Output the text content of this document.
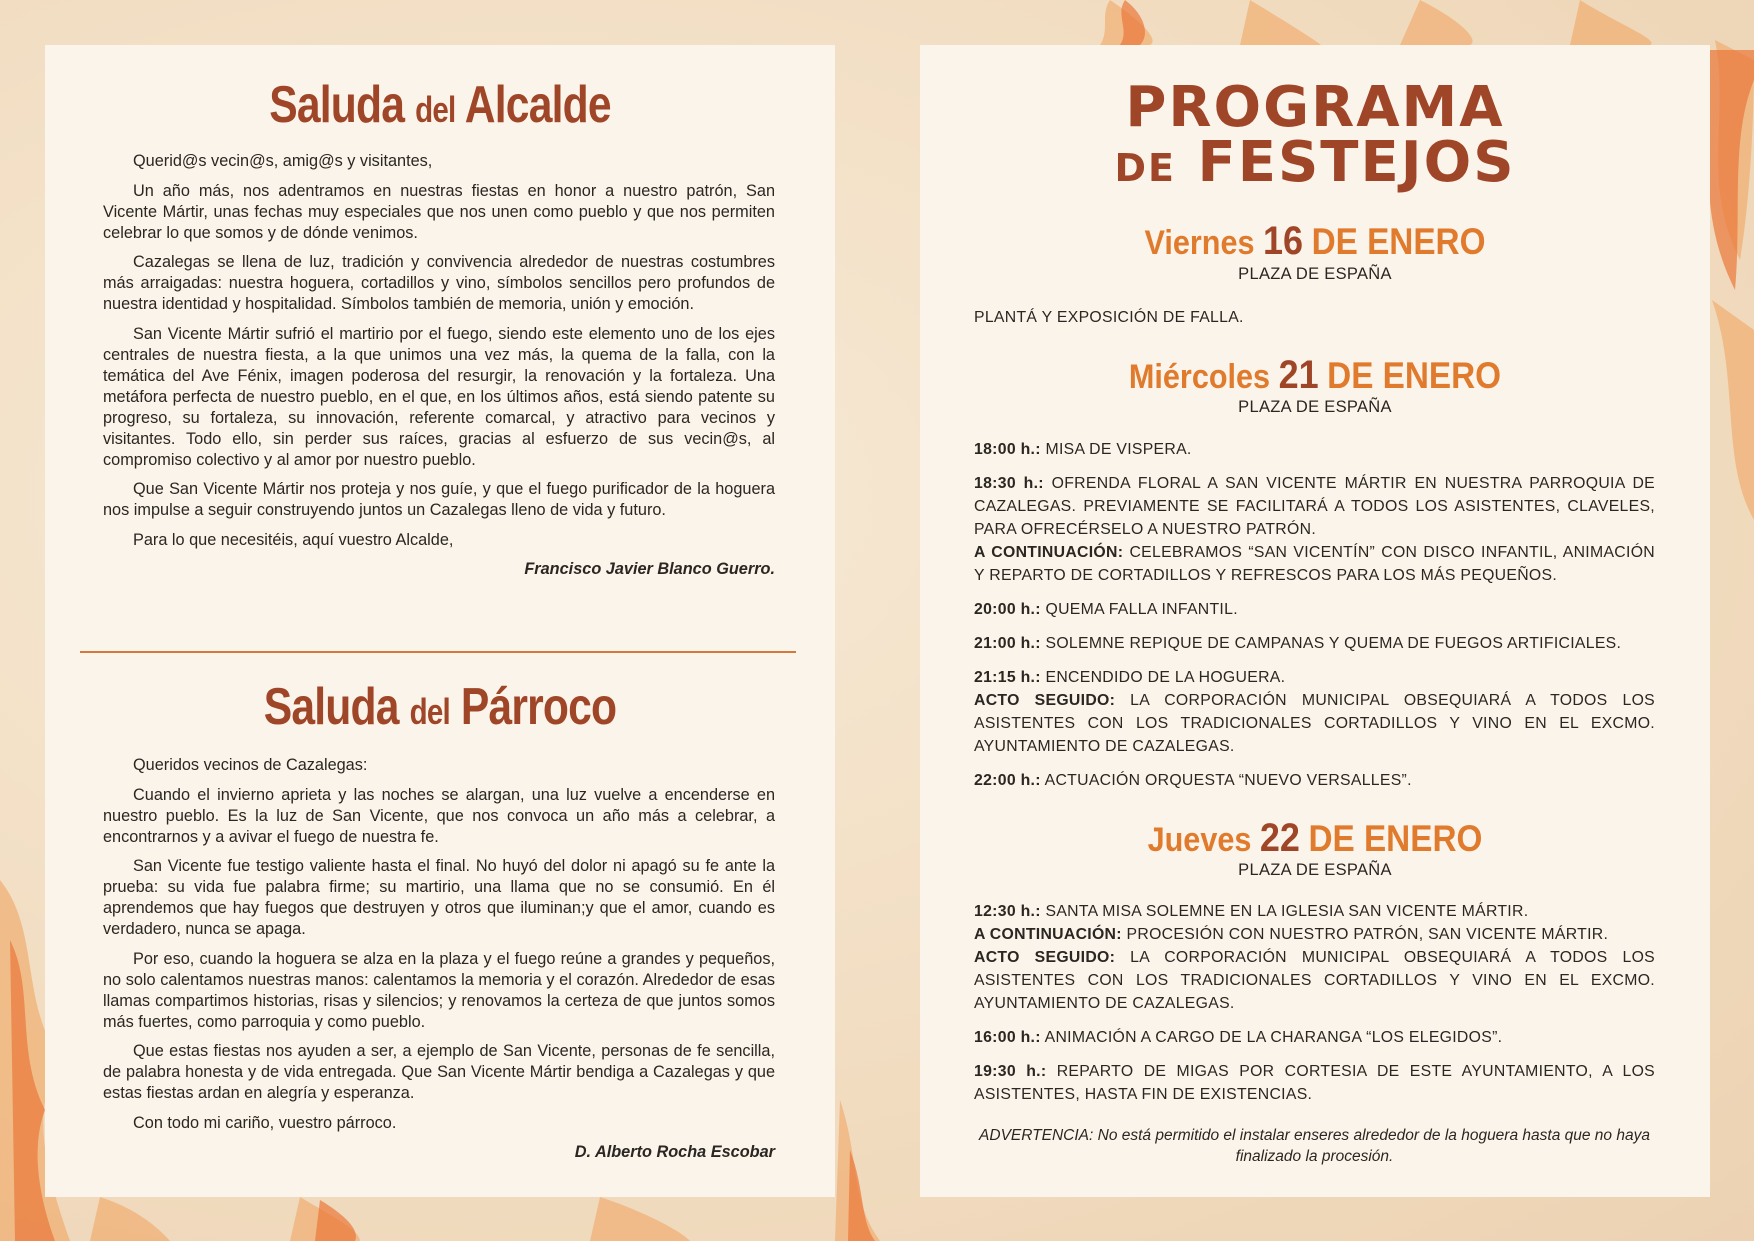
Saluda del Alcalde

Querid@s vecin@s, amig@s y visitantes,

Un año más, nos adentramos en nuestras fiestas en honor a nuestro patrón, San Vicente Mártir, unas fechas muy especiales que nos unen como pueblo y que nos permiten celebrar lo que somos y de dónde venimos.

Cazalegas se llena de luz, tradición y convivencia alrededor de nuestras costumbres más arraigadas: nuestra hoguera, cortadillos y vino, símbolos sencillos pero profundos de nuestra identidad y hospitalidad. Símbolos también de memoria, unión y emoción.

San Vicente Mártir sufrió el martirio por el fuego, siendo este elemento uno de los ejes centrales de nuestra fiesta, a la que unimos una vez más, la quema de la falla, con la temática del Ave Fénix, imagen poderosa del resurgir, la renovación y la fortaleza. Una metáfora perfecta de nuestro pueblo, en el que, en los últimos años, está siendo patente su progreso, su fortaleza, su innovación, referente comarcal, y atractivo para vecinos y visitantes. Todo ello, sin perder sus raíces, gracias al esfuerzo de sus vecin@s, al compromiso colectivo y al amor por nuestro pueblo.

Que San Vicente Mártir nos proteja y nos guíe, y que el fuego purificador de la hoguera nos impulse a seguir construyendo juntos un Cazalegas lleno de vida y futuro.

Para lo que necesitéis, aquí vuestro Alcalde,

Francisco Javier Blanco Guerro.

Saluda del Párroco

Queridos vecinos de Cazalegas:

Cuando el invierno aprieta y las noches se alargan, una luz vuelve a encenderse en nuestro pueblo. Es la luz de San Vicente, que nos convoca un año más a celebrar, a encontrarnos y a avivar el fuego de nuestra fe.

San Vicente fue testigo valiente hasta el final. No huyó del dolor ni apagó su fe ante la prueba: su vida fue palabra firme; su martirio, una llama que no se consumió. En él aprendemos que hay fuegos que destruyen y otros que iluminan;y que el amor, cuando es verdadero, nunca se apaga.

Por eso, cuando la hoguera se alza en la plaza y el fuego reúne a grandes y pequeños, no solo calentamos nuestras manos: calentamos la memoria y el corazón. Alrededor de esas llamas compartimos historias, risas y silencios; y renovamos la certeza de que juntos somos más fuertes, como parroquia y como pueblo.

Que estas fiestas nos ayuden a ser, a ejemplo de San Vicente, personas de fe sencilla, de palabra honesta y de vida entregada. Que San Vicente Mártir bendiga a Cazalegas y que estas fiestas ardan en alegría y esperanza.

Con todo mi cariño, vuestro párroco.

D. Alberto Rocha Escobar

PROGRAMA
DE FESTEJOS
Viernes 16 DE ENERO
PLAZA DE ESPAÑA
PLANTÁ Y EXPOSICIÓN DE FALLA.
Miércoles 21 DE ENERO
PLAZA DE ESPAÑA
18:00 h.: MISA DE VISPERA.
18:30 h.: OFRENDA FLORAL A SAN VICENTE MÁRTIR EN NUESTRA PARROQUIA DE CAZALEGAS. PREVIAMENTE SE FACILITARÁ A TODOS LOS ASISTENTES, CLAVELES, PARA OFRECÉRSELO A NUESTRO PATRÓN.
A CONTINUACIÓN: CELEBRAMOS “SAN VICENTÍN” CON DISCO INFANTIL, ANIMACIÓN Y REPARTO DE CORTADILLOS Y REFRESCOS PARA LOS MÁS PEQUEÑOS.
20:00 h.: QUEMA FALLA INFANTIL.
21:00 h.: SOLEMNE REPIQUE DE CAMPANAS Y QUEMA DE FUEGOS ARTIFICIALES.
21:15 h.: ENCENDIDO DE LA HOGUERA.
ACTO SEGUIDO: LA CORPORACIÓN MUNICIPAL OBSEQUIARÁ A TODOS LOS ASISTENTES CON LOS TRADICIONALES CORTADILLOS Y VINO EN EL EXCMO. AYUNTAMIENTO DE CAZALEGAS.
22:00 h.: ACTUACIÓN ORQUESTA “NUEVO VERSALLES”.
Jueves 22 DE ENERO
PLAZA DE ESPAÑA
12:30 h.: SANTA MISA SOLEMNE EN LA IGLESIA SAN VICENTE MÁRTIR.
A CONTINUACIÓN: PROCESIÓN CON NUESTRO PATRÓN, SAN VICENTE MÁRTIR.
ACTO SEGUIDO: LA CORPORACIÓN MUNICIPAL OBSEQUIARÁ A TODOS LOS ASISTENTES CON LOS TRADICIONALES CORTADILLOS Y VINO EN EL EXCMO. AYUNTAMIENTO DE CAZALEGAS.
16:00 h.: ANIMACIÓN A CARGO DE LA CHARANGA “LOS ELEGIDOS”.
19:30 h.: REPARTO DE MIGAS POR CORTESIA DE ESTE AYUNTAMIENTO, A LOS ASISTENTES, HASTA FIN DE EXISTENCIAS.
ADVERTENCIA: No está permitido el instalar enseres alrededor de la hoguera hasta que no haya finalizado la procesión.
